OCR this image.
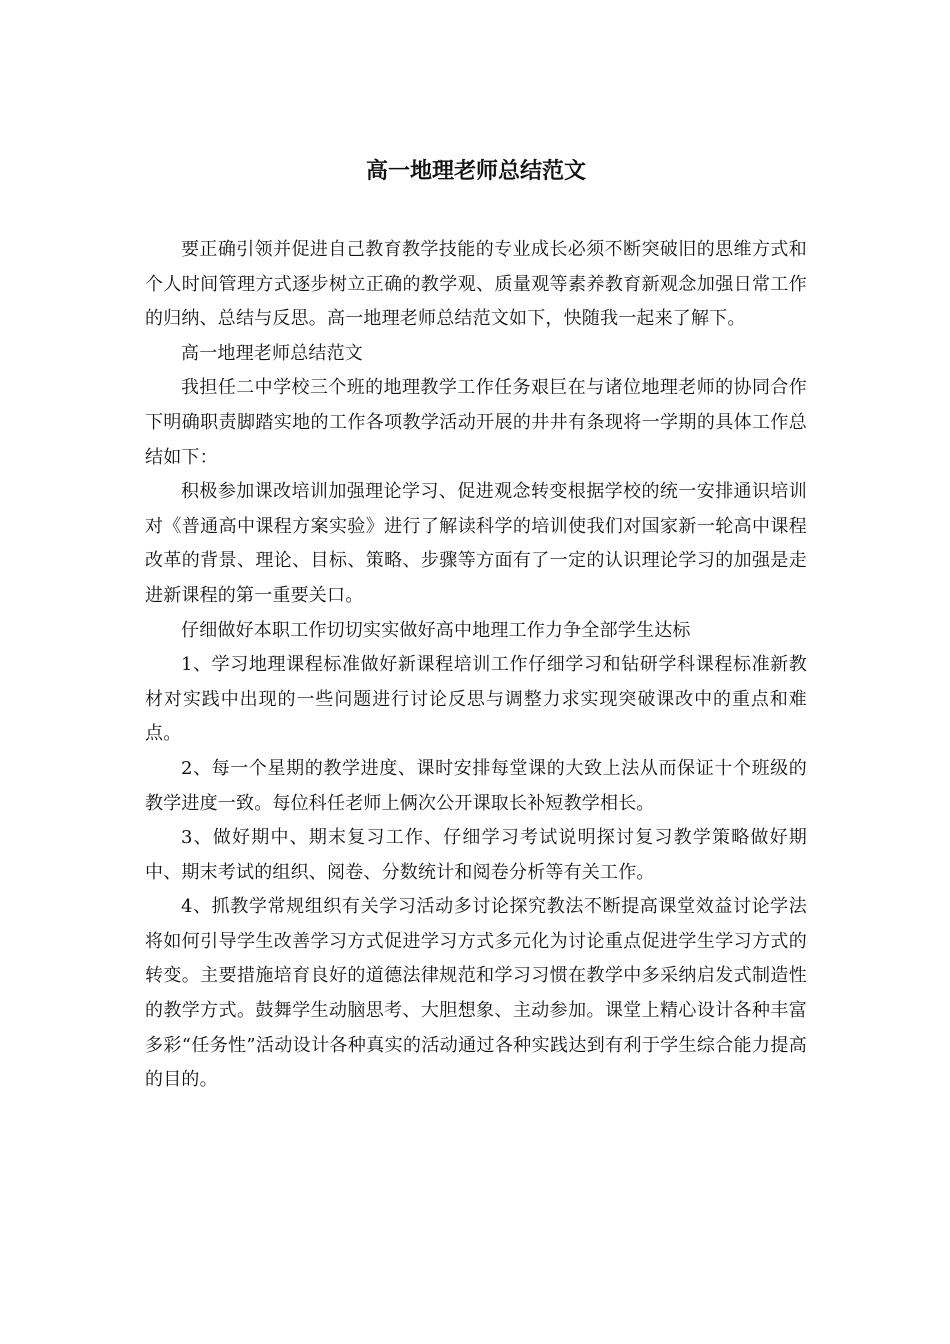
高一地理老师总结范文

要正确引领并促进自己教育教学技能的专业成长必须不断突破旧的思维方式和个人时间管理方式逐步树立正确的教学观、质量观等素养教育新观念加强日常工作的归纳、总结与反思。高一地理老师总结范文如下，快随我一起来了解下。

高一地理老师总结范文

我担任二中学校三个班的地理教学工作任务艰巨在与诸位地理老师的协同合作下明确职责脚踏实地的工作各项教学活动开展的井井有条现将一学期的具体工作总结如下：

积极参加课改培训加强理论学习、促进观念转变根据学校的统一安排通识培训对《普通高中课程方案实验》进行了解读科学的培训使我们对国家新一轮高中课程改革的背景、理论、目标、策略、步骤等方面有了一定的认识理论学习的加强是走进新课程的第一重要关口。

仔细做好本职工作切切实实做好高中地理工作力争全部学生达标

1、学习地理课程标准做好新课程培训工作仔细学习和钻研学科课程标准新教材对实践中出现的一些问题进行讨论反思与调整力求实现突破课改中的重点和难点。

2、每一个星期的教学进度、课时安排每堂课的大致上法从而保证十个班级的教学进度一致。每位科任老师上俩次公开课取长补短教学相长。

3、做好期中、期末复习工作、仔细学习考试说明探讨复习教学策略做好期中、期末考试的组织、阅卷、分数统计和阅卷分析等有关工作。

4、抓教学常规组织有关学习活动多讨论探究教法不断提高课堂效益讨论学法将如何引导学生改善学习方式促进学习方式多元化为讨论重点促进学生学习方式的转变。主要措施培育良好的道德法律规范和学习习惯在教学中多采纳启发式制造性的教学方式。鼓舞学生动脑思考、大胆想象、主动参加。课堂上精心设计各种丰富多彩“任务性”活动设计各种真实的活动通过各种实践达到有利于学生综合能力提高的目的。
